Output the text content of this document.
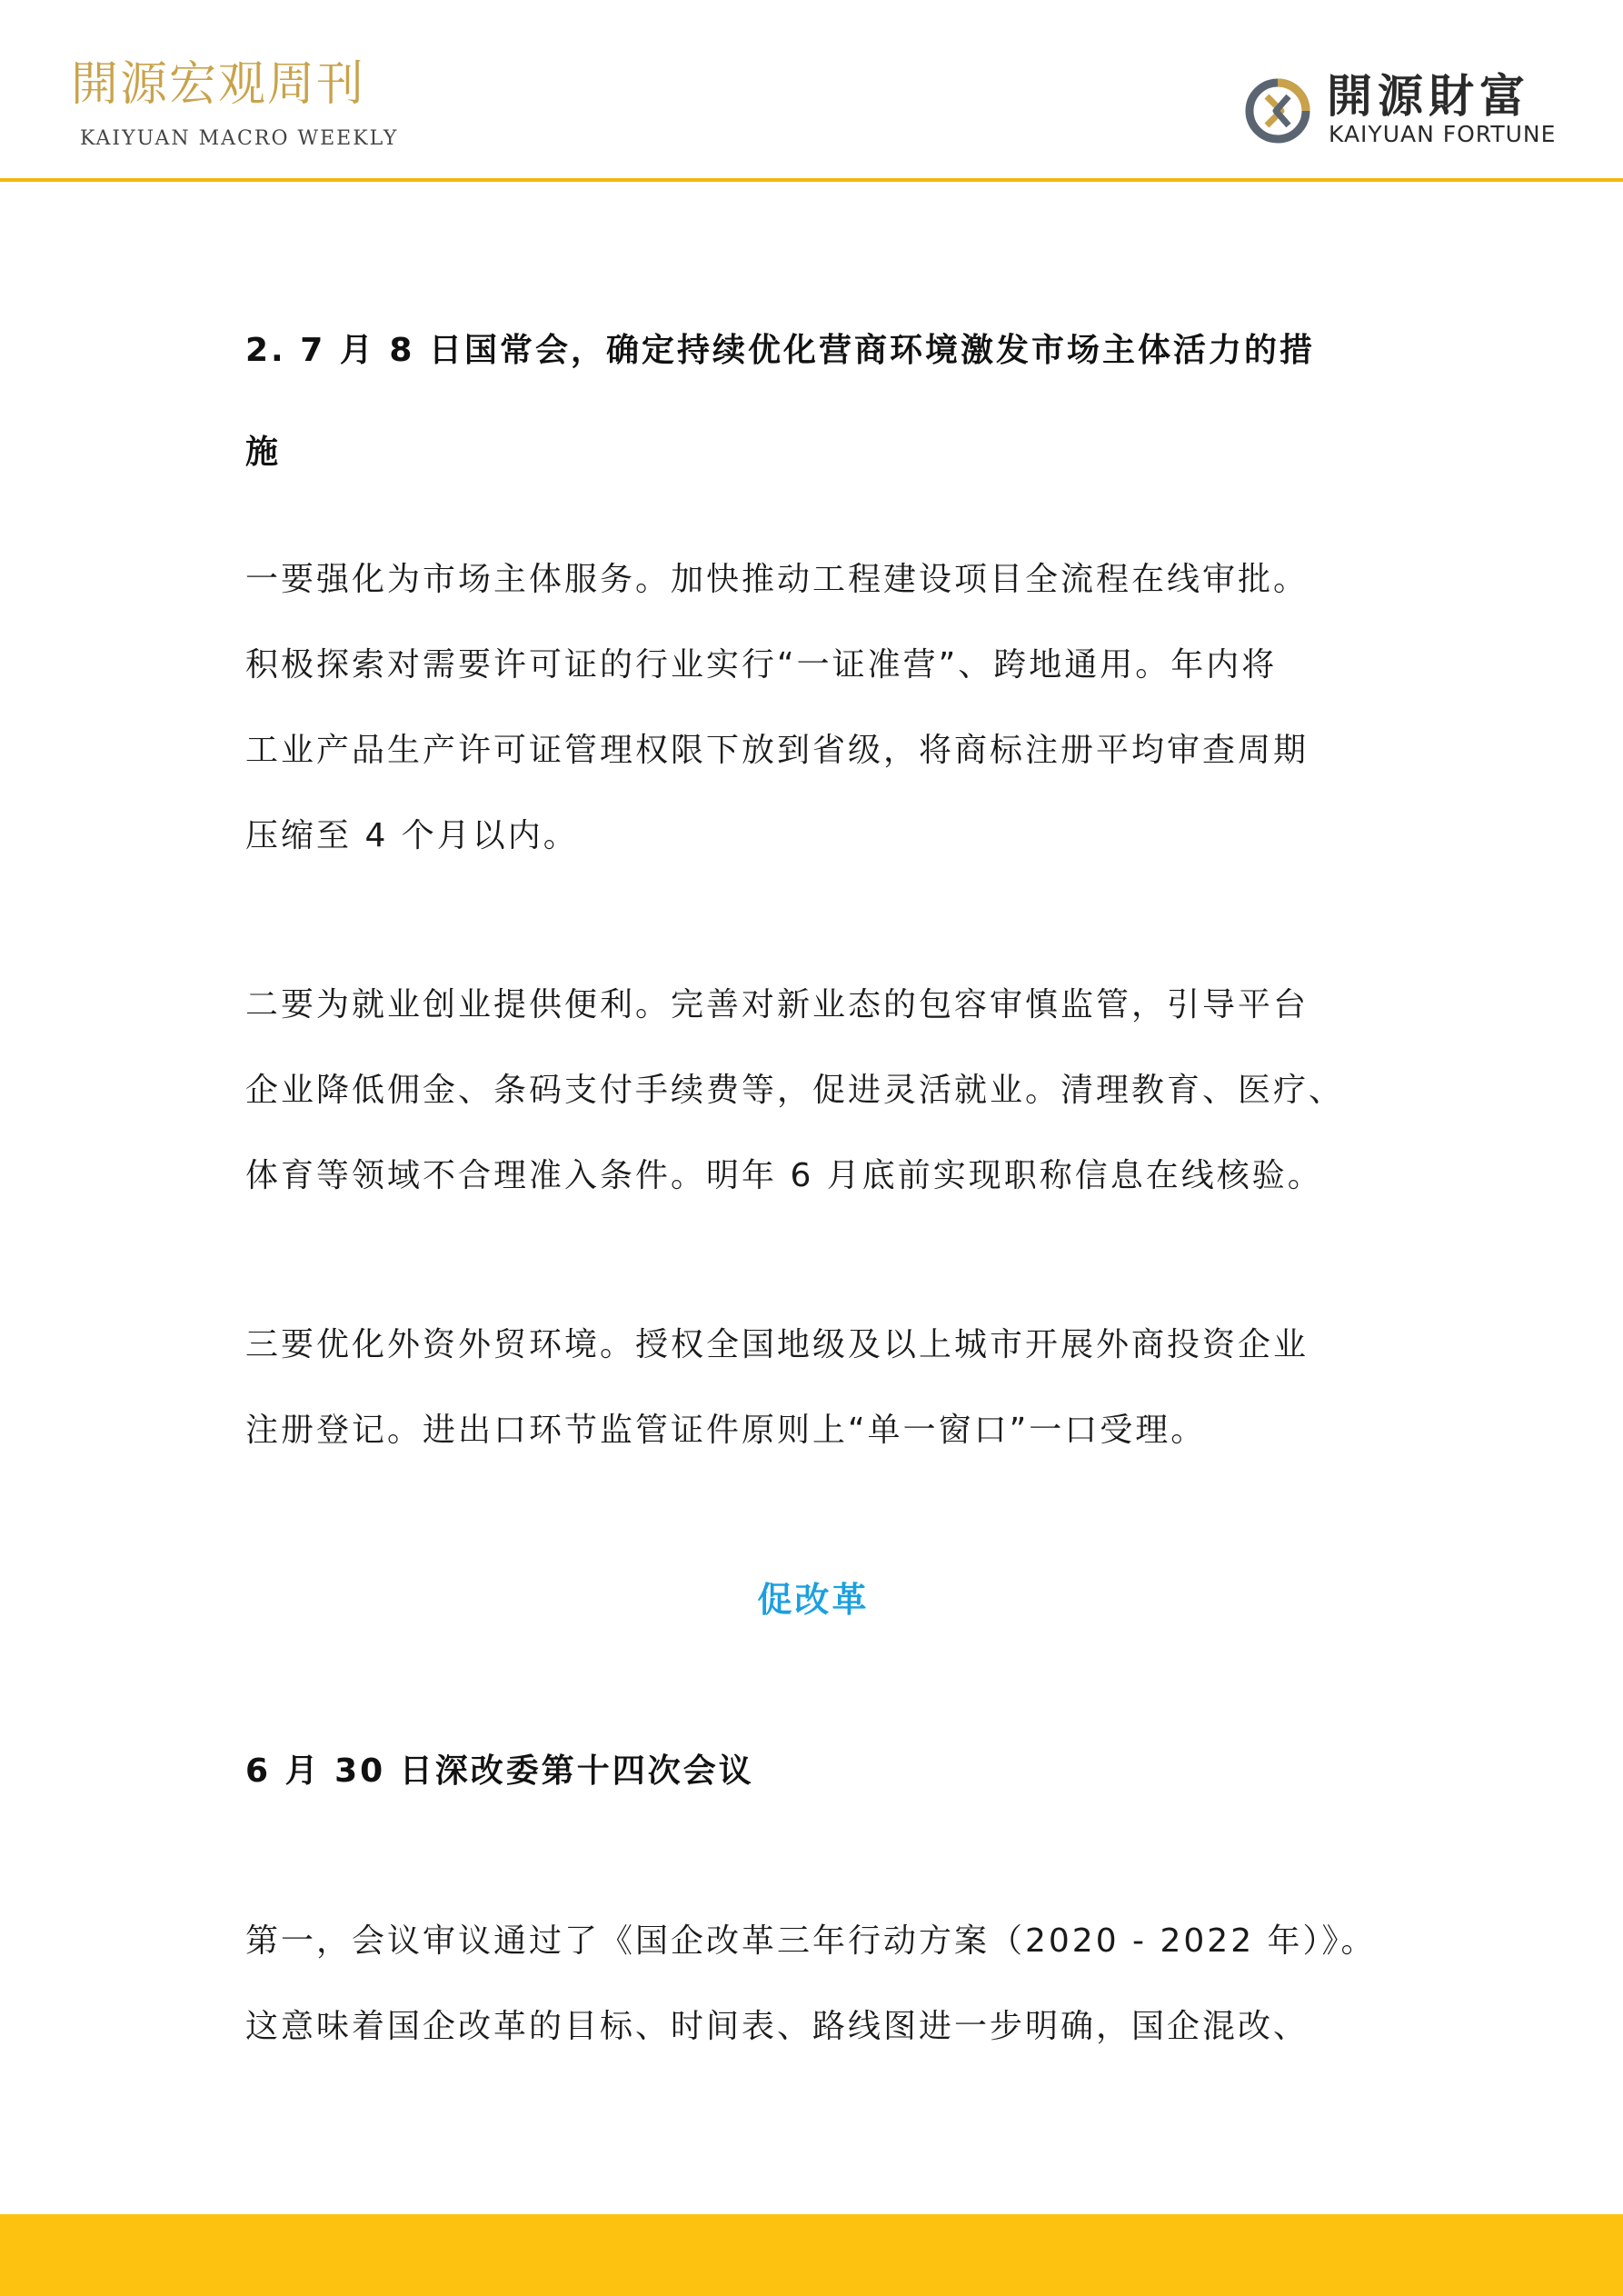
開源宏观周刊
KAIYUAN MACRO WEEKLY
開源財富
KAIYUAN FORTUNE
2. 7 月 8 日国常会，确定持续优化营商环境激发市场主体活力的措
施
一要强化为市场主体服务。加快推动工程建设项目全流程在线审批。
积极探索对需要许可证的行业实行“一证准营”、跨地通用。年内将
工业产品生产许可证管理权限下放到省级，将商标注册平均审查周期
压缩至 4 个月以内。
二要为就业创业提供便利。完善对新业态的包容审慎监管，引导平台
企业降低佣金、条码支付手续费等，促进灵活就业。清理教育、医疗、
体育等领域不合理准入条件。明年 6 月底前实现职称信息在线核验。
三要优化外资外贸环境。授权全国地级及以上城市开展外商投资企业
注册登记。进出口环节监管证件原则上“单一窗口”一口受理。
促改革
6 月 30 日深改委第十四次会议
第一，会议审议通过了《国企改革三年行动方案（2020 - 2022 年）》。
这意味着国企改革的目标、时间表、路线图进一步明确，国企混改、
